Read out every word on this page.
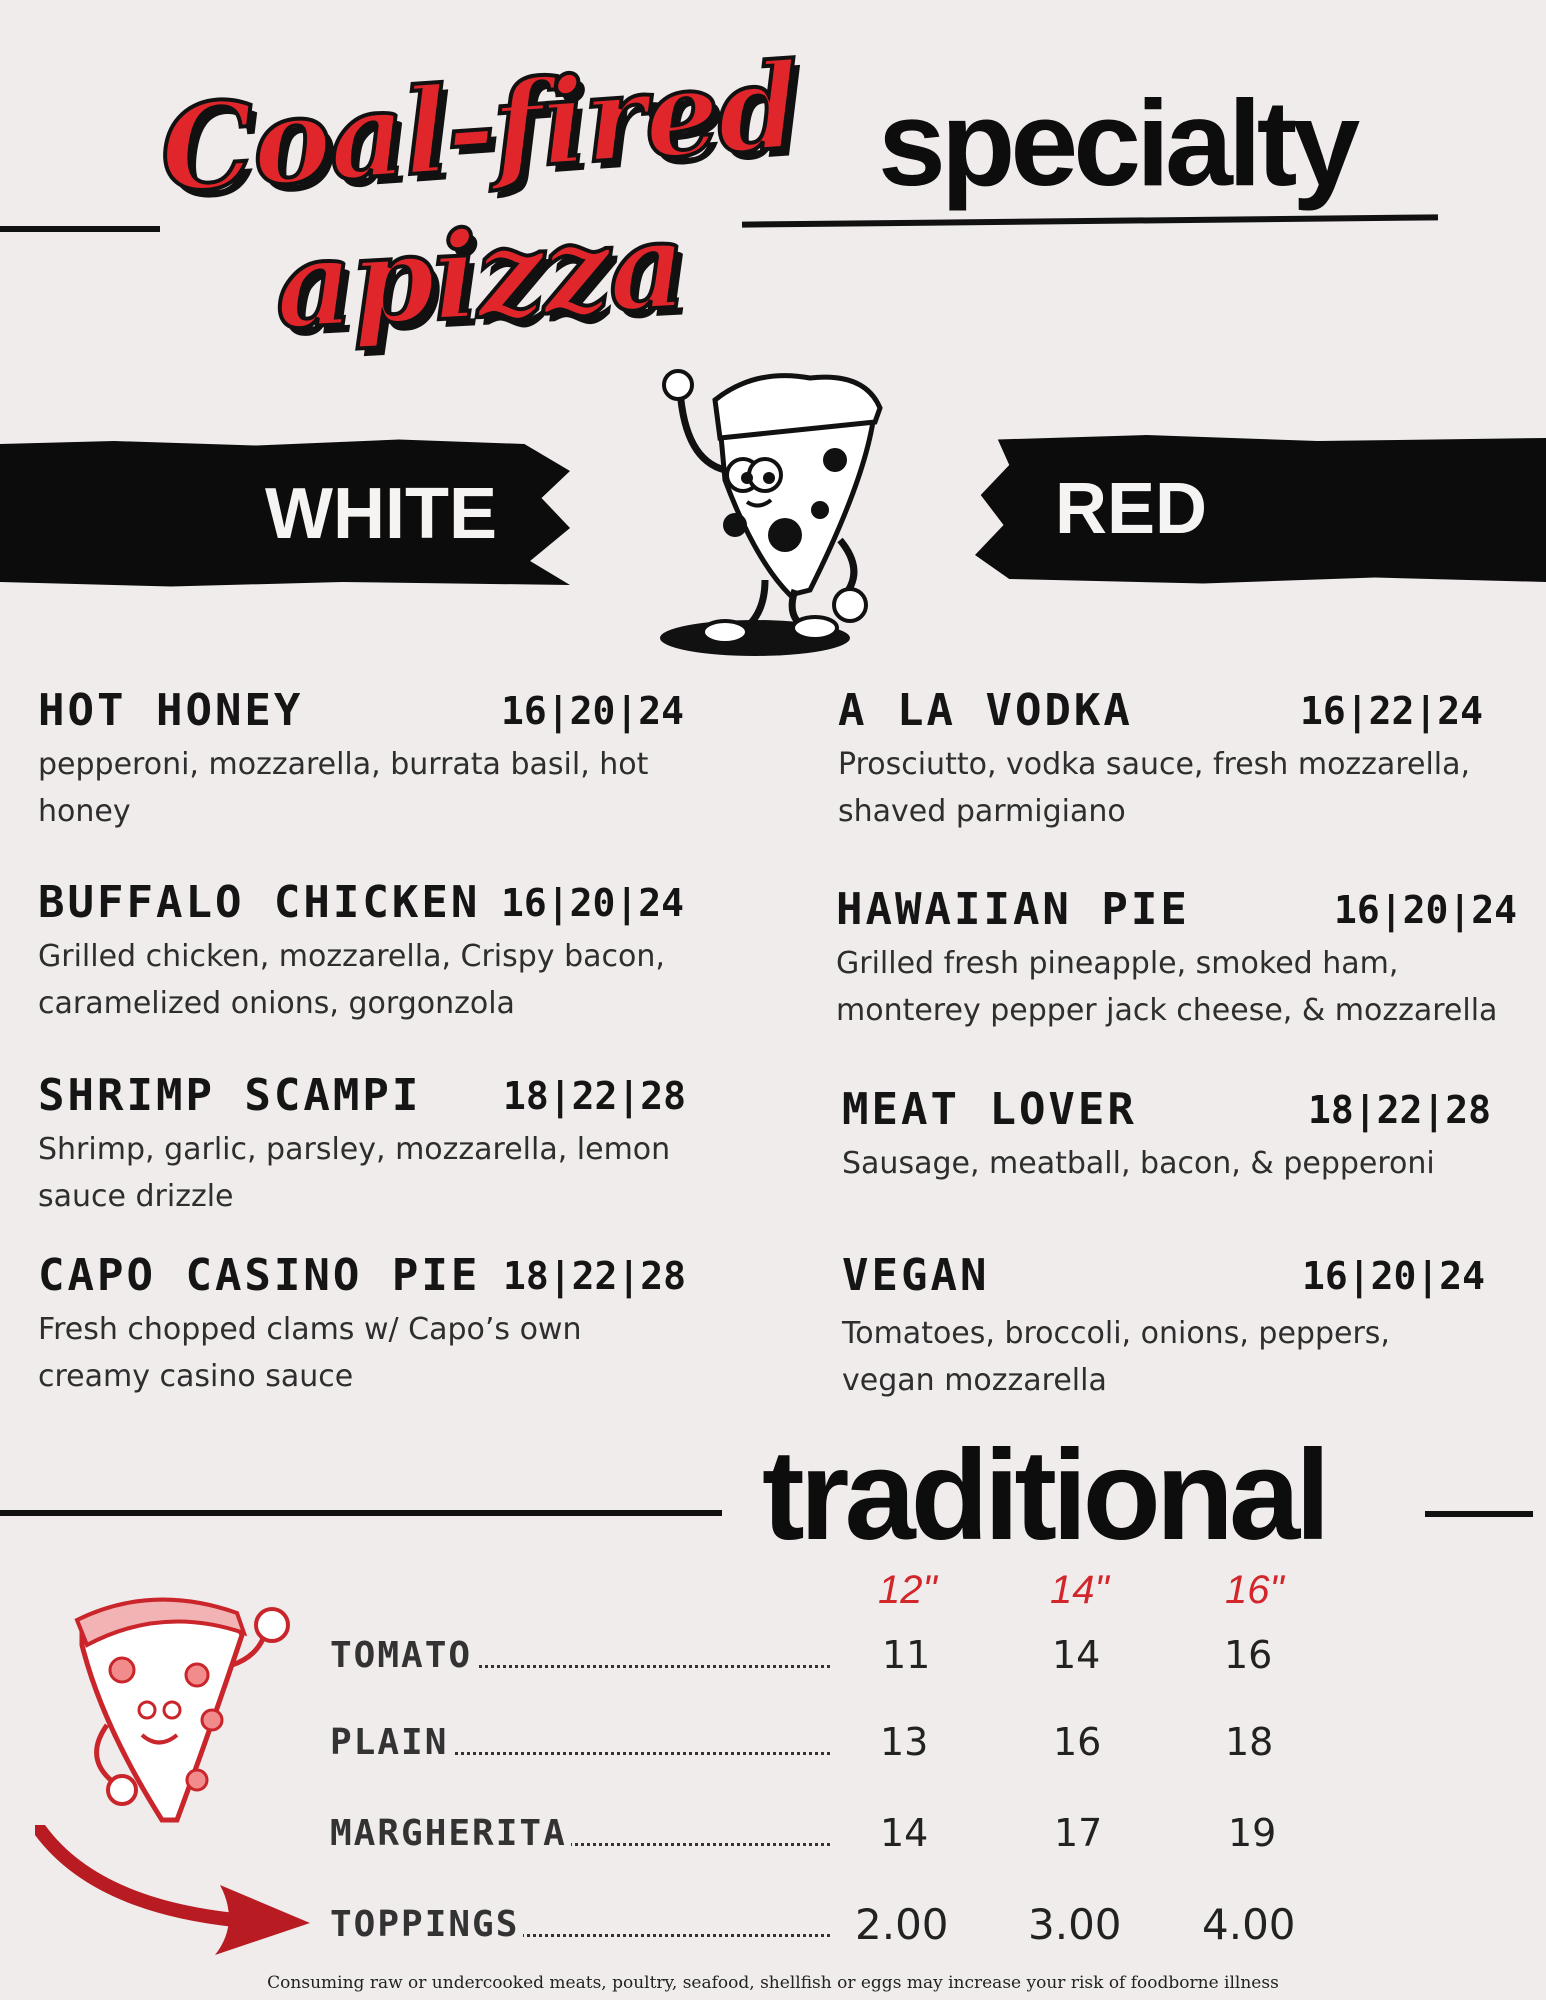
Coal-fired
apizza
specialty
WHITE	RED
HOT HONEY	16|20|24
pepperoni, mozzarella, burrata basil, hot honey
BUFFALO CHICKEN 16|20|24
Grilled chicken, mozzarella, Crispy bacon, caramelized onions, gorgonzola
SHRIMP SCAMPI 18|22|28
Shrimp, garlic, parsley, mozzarella, lemon sauce drizzle
CAPO CASINO PIE 18|22|28
Fresh chopped clams w/ Capo’s own creamy casino sauce
A LA VODKA	16|22|24
Prosciutto, vodka sauce, fresh mozzarella, shaved parmigiano
HAWAIIAN PIE	16|20|24
Grilled fresh pineapple, smoked ham, monterey pepper jack cheese, & mozzarella
MEAT LOVER	18|22|28
Sausage, meatball, bacon, & pepperoni
VEGAN	16|20|24
Tomatoes, broccoli, onions, peppers, vegan mozzarella
traditional
12"	14"	16"
TOMATO	11	14	16
PLAIN	13	16	18
MARGHERITA	14	17	19
TOPPINGS	2.00 3.00 4.00
Consuming raw or undercooked meats, poultry, seafood, shellfish or eggs may increase your risk of foodborne illness
